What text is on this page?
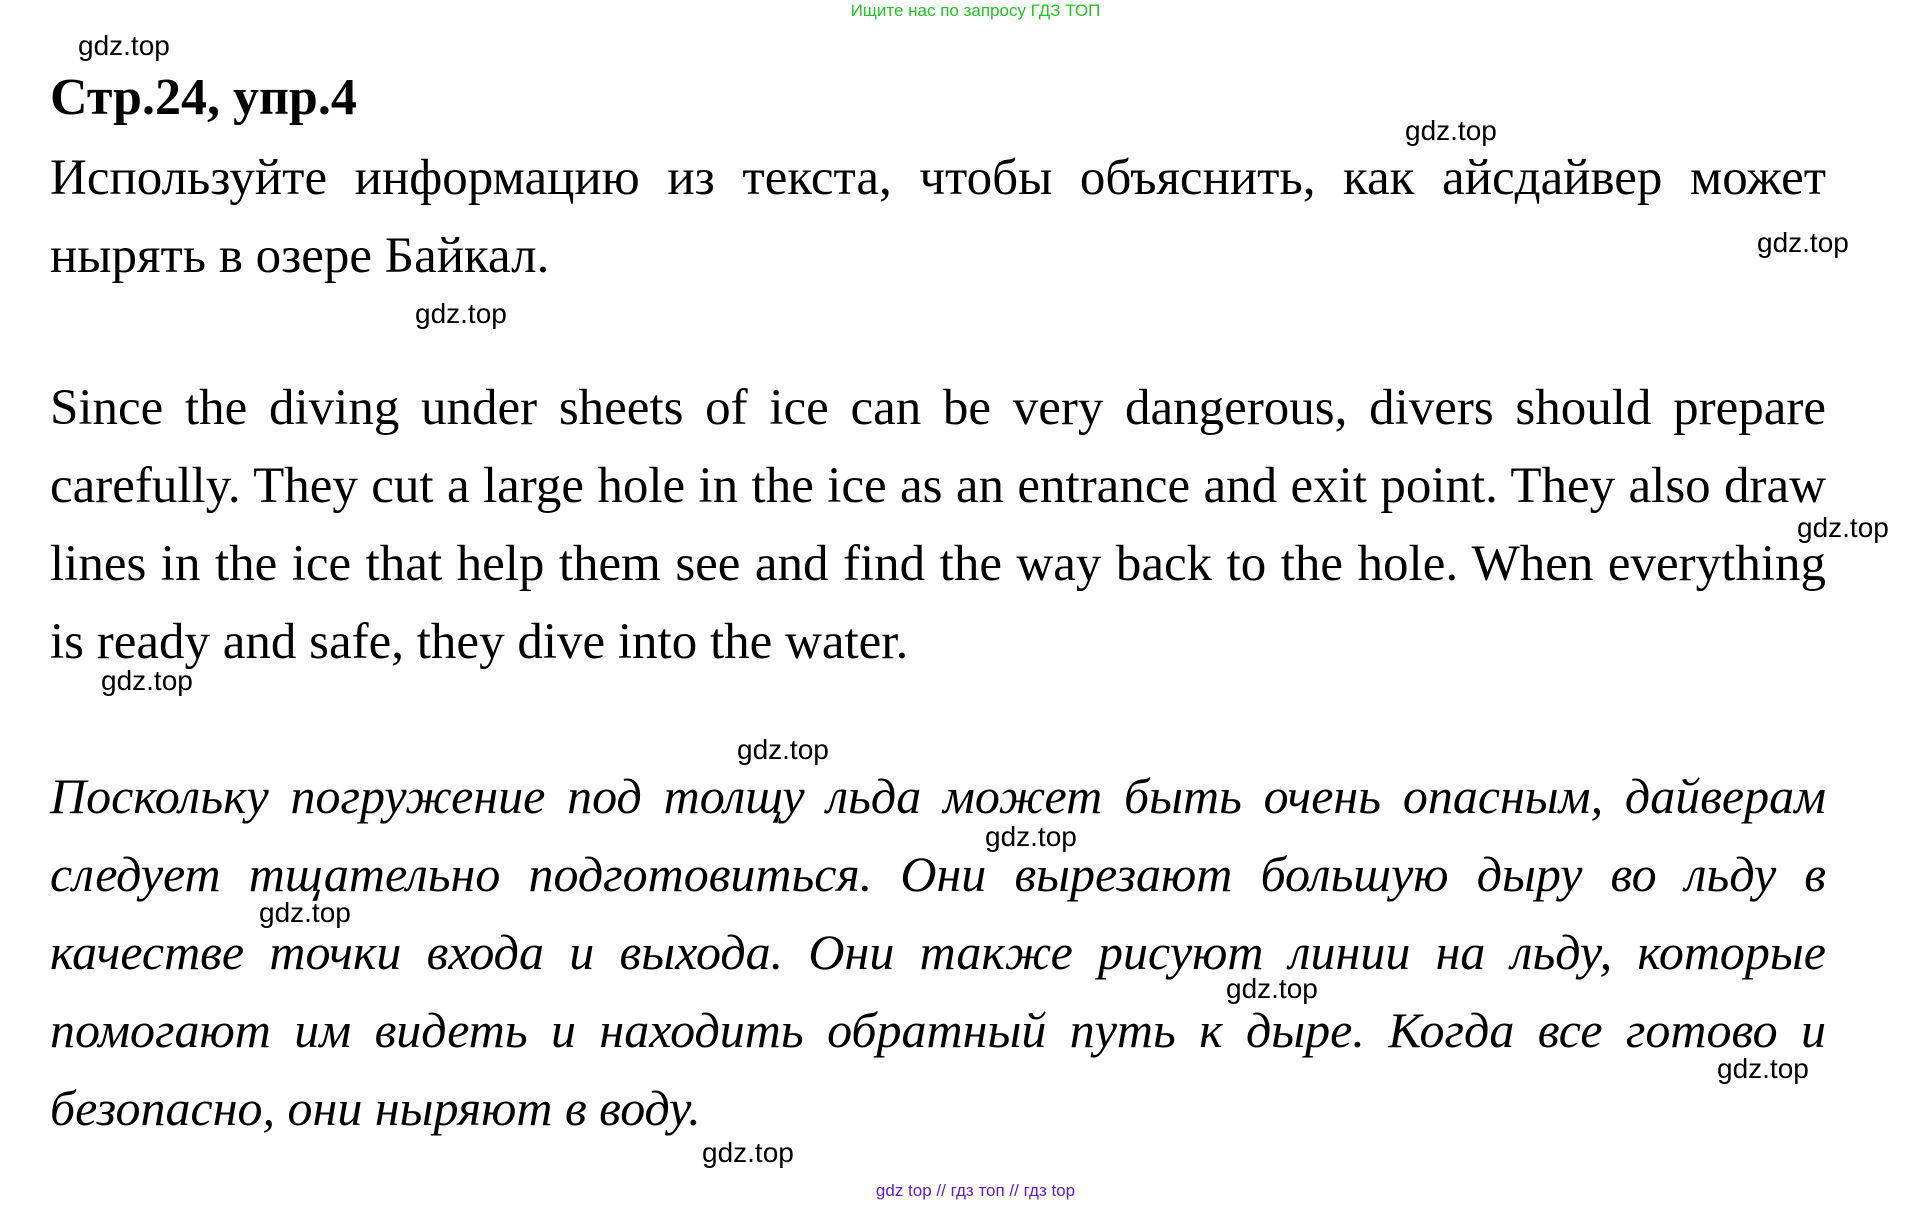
Ищите нас по запросу ГДЗ ТОП
Стр.24, упр.4

Используйте информацию из текста, чтобы объяснить, как айсдайвер может нырять в озере Байкал.

Since the diving under sheets of ice can be very dangerous, divers should prepare carefully. They cut a large hole in the ice as an entrance and exit point. They also draw lines in the ice that help them see and find the way back to the hole. When everything is ready and safe, they dive into the water.

Поскольку погружение под толщу льда может быть очень опасным, дайверам следует тщательно подготовиться. Они вырезают большую дыру во льду в качестве точки входа и выхода. Они также рисуют линии на льду, которые помогают им видеть и находить обратный путь к дыре. Когда все готово и безопасно, они ныряют в воду.

gdz.top
gdz.top
gdz.top
gdz.top
gdz.top
gdz.top
gdz.top
gdz.top
gdz.top
gdz.top
gdz.top
gdz.top
gdz top // гдз топ // гдз top
